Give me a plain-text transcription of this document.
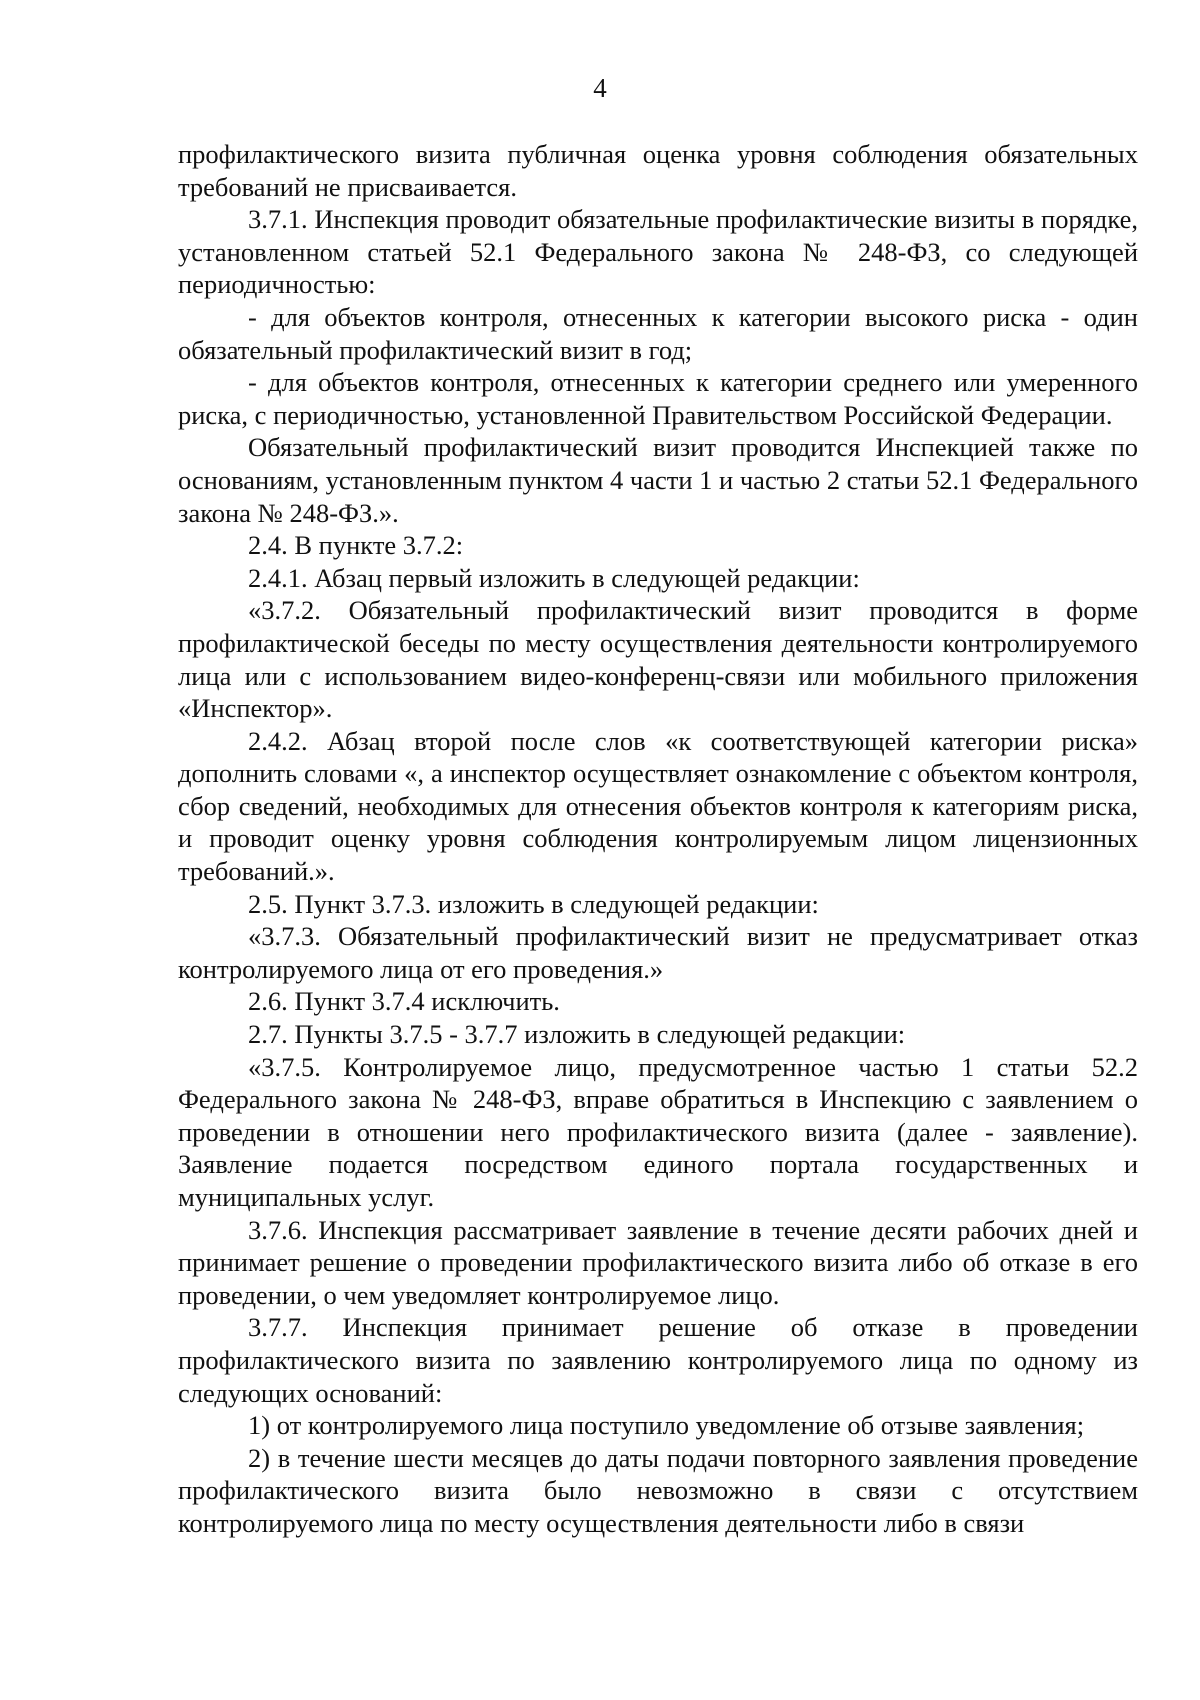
4

профилактического визита публичная оценка уровня соблюдения обязательных требований не присваивается.

3.7.1. Инспекция проводит обязательные профилактические визиты в порядке, установленном статьей 52.1 Федерального закона № 248-ФЗ, со следующей периодичностью:

- для объектов контроля, отнесенных к категории высокого риска - один обязательный профилактический визит в год;

- для объектов контроля, отнесенных к категории среднего или умеренного риска, с периодичностью, установленной Правительством Российской Федерации.

Обязательный профилактический визит проводится Инспекцией также по основаниям, установленным пунктом 4 части 1 и частью 2 статьи 52.1 Федерального закона № 248-ФЗ.».

2.4. В пункте 3.7.2:

2.4.1. Абзац первый изложить в следующей редакции:

«3.7.2. Обязательный профилактический визит проводится в форме профилактической беседы по месту осуществления деятельности контролируемого лица или с использованием видео-конференц-связи или мобильного приложения «Инспектор».

2.4.2. Абзац второй после слов «к соответствующей категории риска» дополнить словами «, а инспектор осуществляет ознакомление с объектом контроля, сбор сведений, необходимых для отнесения объектов контроля к категориям риска, и проводит оценку уровня соблюдения контролируемым лицом лицензионных требований.».

2.5. Пункт 3.7.3. изложить в следующей редакции:

«3.7.3. Обязательный профилактический визит не предусматривает отказ контролируемого лица от его проведения.»

2.6. Пункт 3.7.4 исключить.

2.7. Пункты 3.7.5 - 3.7.7 изложить в следующей редакции:

«3.7.5. Контролируемое лицо, предусмотренное частью 1 статьи 52.2 Федерального закона № 248-ФЗ, вправе обратиться в Инспекцию с заявлением о проведении в отношении него профилактического визита (далее - заявление). Заявление подается посредством единого портала государственных и муниципальных услуг.

3.7.6. Инспекция рассматривает заявление в течение десяти рабочих дней и принимает решение о проведении профилактического визита либо об отказе в его проведении, о чем уведомляет контролируемое лицо.

3.7.7. Инспекция принимает решение об отказе в проведении профилактического визита по заявлению контролируемого лица по одному из следующих оснований:

1) от контролируемого лица поступило уведомление об отзыве заявления;

2) в течение шести месяцев до даты подачи повторного заявления проведение профилактического визита было невозможно в связи с отсутствием контролируемого лица по месту осуществления деятельности либо в связи
